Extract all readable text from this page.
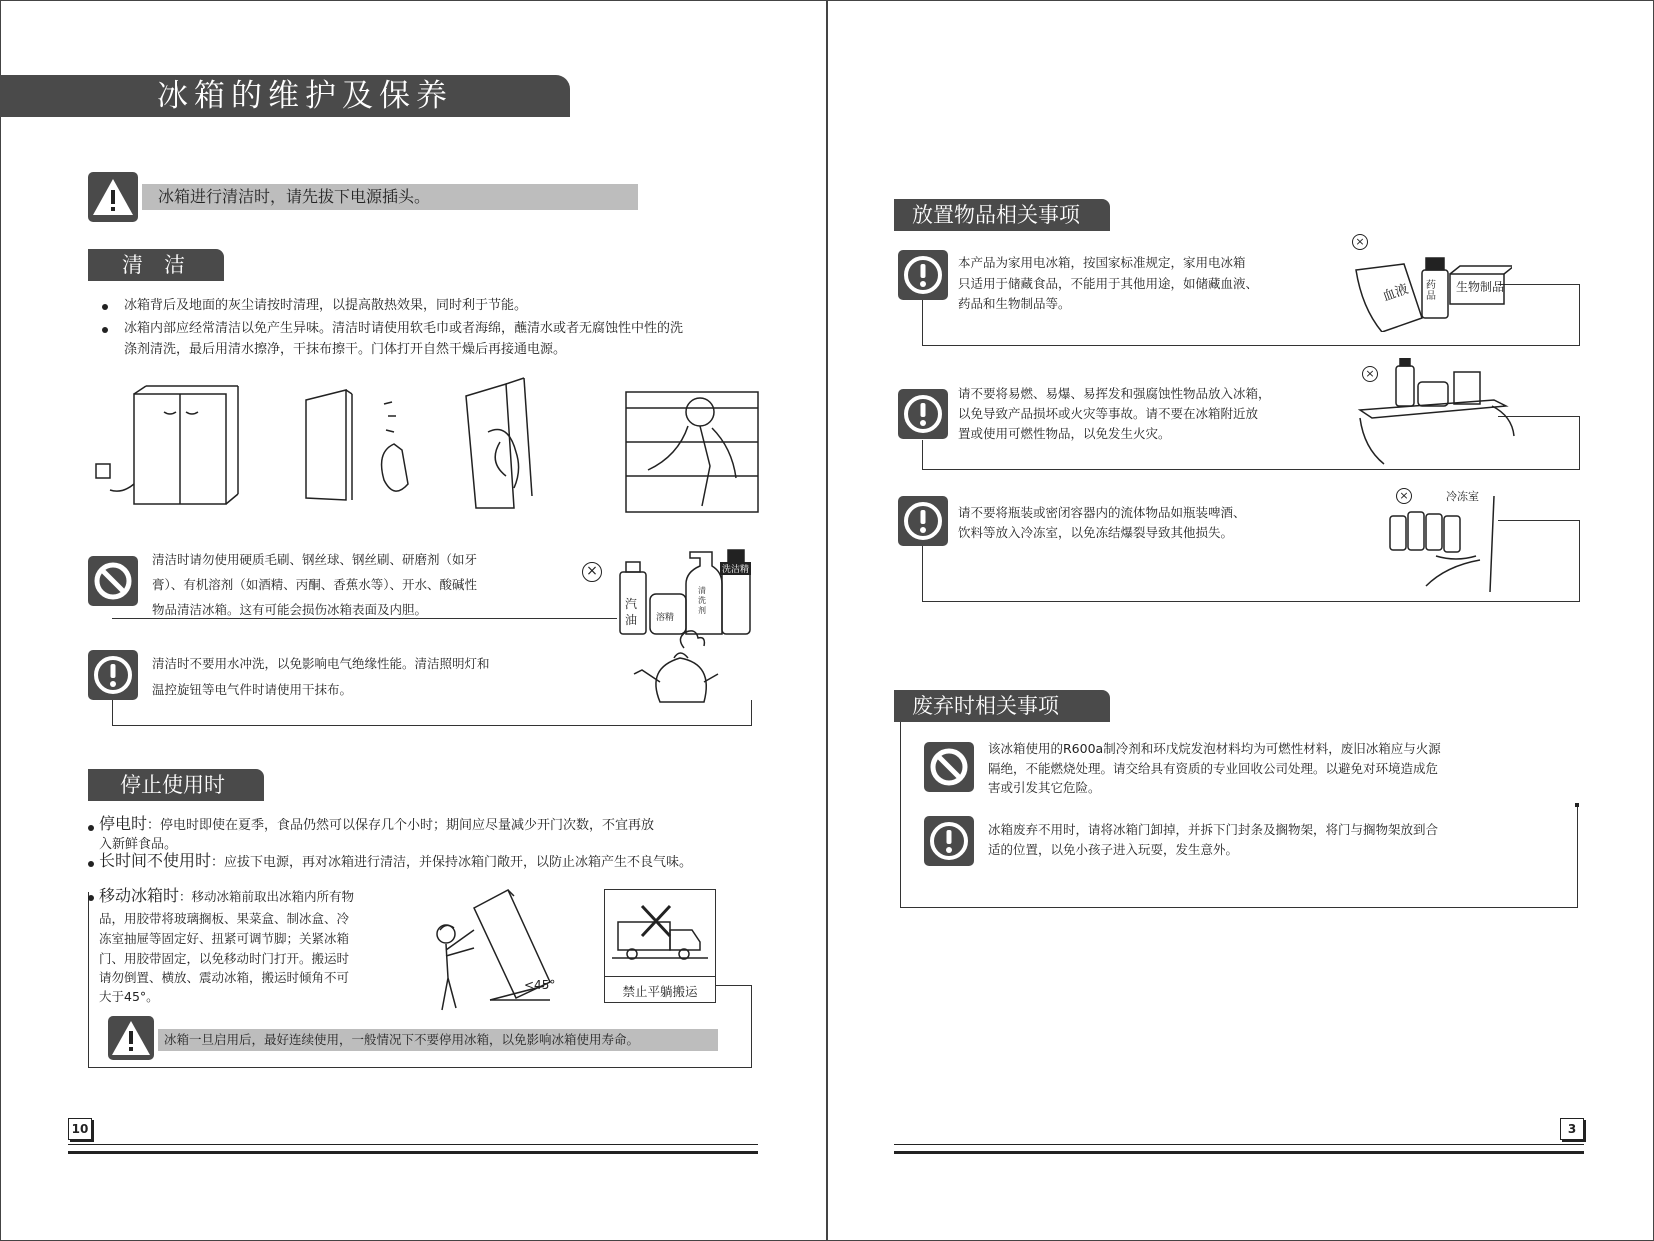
冰箱的维护及保养
冰箱进行清洁时，请先拔下电源插头。
清　洁
冰箱背后及地面的灰尘请按时清理，以提高散热效果，同时利于节能。
冰箱内部应经常清洁以免产生异味。清洁时请使用软毛巾或者海绵，蘸清水或者无腐蚀性中性的洗
涤剂清洗，最后用清水擦净，干抹布擦干。门体打开自然干燥后再接通电源。
清洁时请勿使用硬质毛刷、钢丝球、钢丝刷、研磨剂（如牙
膏）、有机溶剂（如酒精、丙酮、香蕉水等）、开水、酸碱性
物品清洁冰箱。这有可能会损伤冰箱表面及内胆。
×
汽油
洗洁精
清洗剂
溶精
清洁时不要用水冲洗，以免影响电气绝缘性能。清洁照明灯和
温控旋钮等电气件时请使用干抹布。
停止使用时
停电时：停电时即使在夏季，食品仍然可以保存几个小时；期间应尽量减少开门次数，不宜再放
入新鲜食品。
长时间不使用时：应拔下电源，再对冰箱进行清洁，并保持冰箱门敞开，以防止冰箱产生不良气味。
移动冰箱时：移动冰箱前取出冰箱内所有物
品，用胶带将玻璃搁板、果菜盒、制冰盒、冷
冻室抽屉等固定好、扭紧可调节脚；关紧冰箱
门、用胶带固定，以免移动时门打开。搬运时
请勿倒置、横放、震动冰箱，搬运时倾角不可
大于45°。
<45°	禁止平躺搬运
冰箱一旦启用后，最好连续使用，一般情况下不要停用冰箱，以免影响冰箱使用寿命。
10
放置物品相关事项
本产品为家用电冰箱，按国家标准规定，家用电冰箱
只适用于储藏食品，不能用于其他用途，如储藏血液、
药品和生物制品等。
×
血液 药品
生物制品
请不要将易燃、易爆、易挥发和强腐蚀性物品放入冰箱，
以免导致产品损坏或火灾等事故。请不要在冰箱附近放
置或使用可燃性物品，以免发生火灾。
×
请不要将瓶装或密闭容器内的流体物品如瓶装啤酒、
饮料等放入冷冻室，以免冻结爆裂导致其他损失。
×	冷冻室
废弃时相关事项
该冰箱使用的R600a制冷剂和环戊烷发泡材料均为可燃性材料，废旧冰箱应与火源
隔绝，不能燃烧处理。请交给具有资质的专业回收公司处理。以避免对环境造成危
害或引发其它危险。
冰箱废弃不用时，请将冰箱门卸掉，并拆下门封条及搁物架，将门与搁物架放到合
适的位置，以免小孩子进入玩耍，发生意外。
3
